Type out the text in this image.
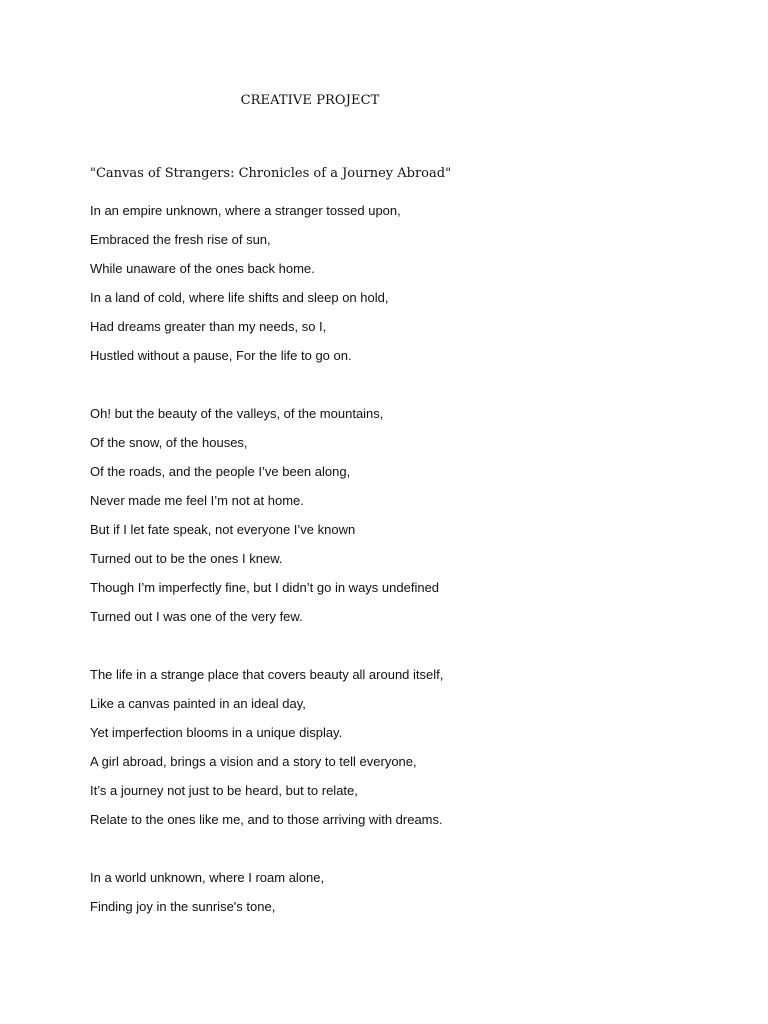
CREATIVE PROJECT
"Canvas of Strangers: Chronicles of a Journey Abroad"
In an empire unknown, where a stranger tossed upon,
Embraced the fresh rise of sun,
While unaware of the ones back home.
In a land of cold, where life shifts and sleep on hold,
Had dreams greater than my needs, so I,
Hustled without a pause, For the life to go on.
Oh! but the beauty of the valleys, of the mountains,
Of the snow, of the houses,
Of the roads, and the people I’ve been along,
Never made me feel I’m not at home.
But if I let fate speak, not everyone I’ve known
Turned out to be the ones I knew.
Though I’m imperfectly fine, but I didn’t go in ways undefined
Turned out I was one of the very few.
The life in a strange place that covers beauty all around itself,
Like a canvas painted in an ideal day,
Yet imperfection blooms in a unique display.
A girl abroad, brings a vision and a story to tell everyone,
It’s a journey not just to be heard, but to relate,
Relate to the ones like me, and to those arriving with dreams.
In a world unknown, where I roam alone,
Finding joy in the sunrise's tone,
